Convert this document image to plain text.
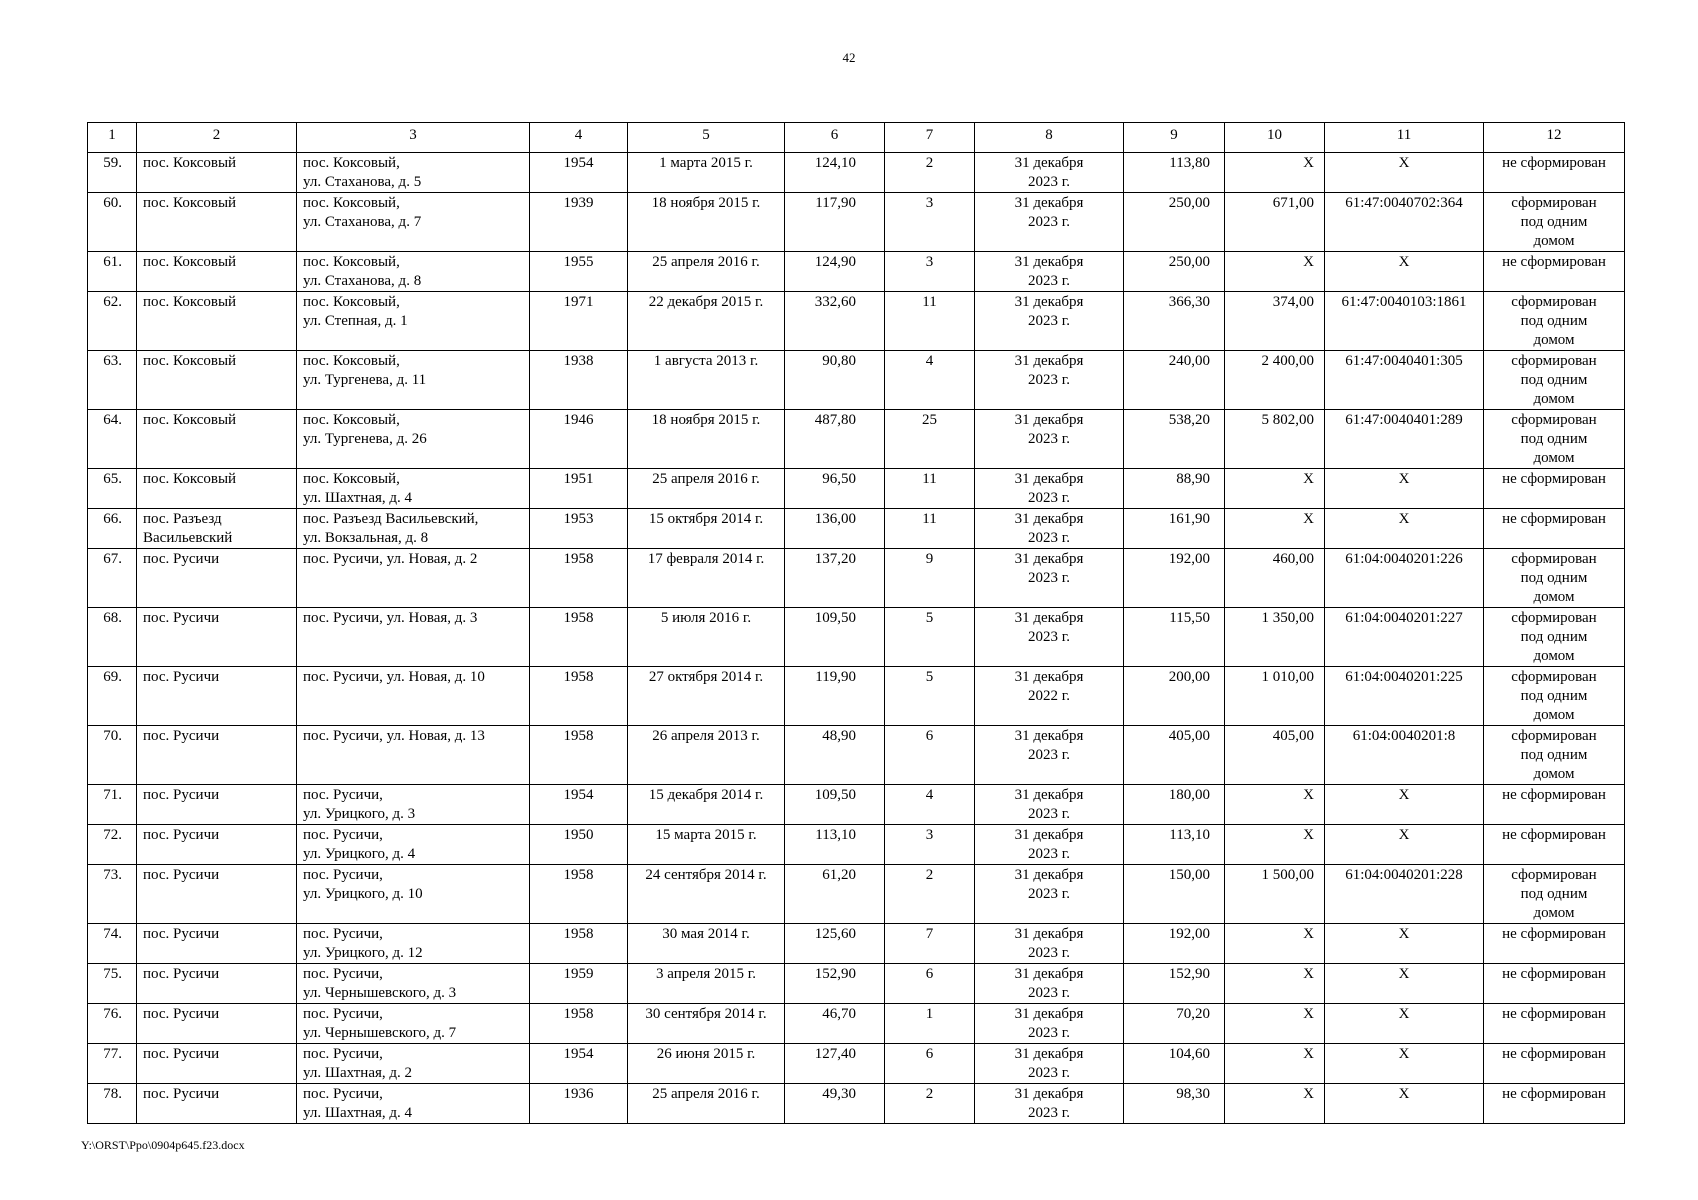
42
1	2	3	4	5	6	7	8	9	10	11	12
59.	пос. Коксовый	пос. Коксовый,
ул. Стаханова, д. 5	1954	1 марта 2015 г.	124,10	2	31 декабря
2023 г.	113,80	X	X	не сформирован

60.	пос. Коксовый	пос. Коксовый,
ул. Стаханова, д. 7	1939	18 ноября 2015 г.	117,90	3	31 декабря
2023 г.	250,00	671,00	61:47:0040702:364	сформирован
под одним
домом

61.	пос. Коксовый	пос. Коксовый,
ул. Стаханова, д. 8	1955	25 апреля 2016 г.	124,90	3	31 декабря
2023 г.	250,00	X	X	не сформирован

62.	пос. Коксовый	пос. Коксовый,
ул. Степная, д. 1	1971	22 декабря 2015 г.	332,60	11	31 декабря
2023 г.	366,30	374,00	61:47:0040103:1861	сформирован
под одним
домом

63.	пос. Коксовый	пос. Коксовый,
ул. Тургенева, д. 11	1938	1 августа 2013 г.	90,80	4	31 декабря
2023 г.	240,00	2 400,00	61:47:0040401:305	сформирован
под одним
домом

64.	пос. Коксовый	пос. Коксовый,
ул. Тургенева, д. 26	1946	18 ноября 2015 г.	487,80	25	31 декабря
2023 г.	538,20	5 802,00	61:47:0040401:289	сформирован
под одним
домом

65.	пос. Коксовый	пос. Коксовый,
ул. Шахтная, д. 4	1951	25 апреля 2016 г.	96,50	11	31 декабря
2023 г.	88,90	X	X	не сформирован

66.	пос. Разъезд
Васильевский	пос. Разъезд Васильевский,
ул. Вокзальная, д. 8	1953	15 октября 2014 г.	136,00	11	31 декабря
2023 г.	161,90	X	X	не сформирован

67.	пос. Русичи	пос. Русичи, ул. Новая, д. 2	1958	17 февраля 2014 г.	137,20	9	31 декабря
2023 г.	192,00	460,00	61:04:0040201:226	сформирован
под одним
домом

68.	пос. Русичи	пос. Русичи, ул. Новая, д. 3	1958	5 июля 2016 г.	109,50	5	31 декабря
2023 г.	115,50	1 350,00	61:04:0040201:227	сформирован
под одним
домом

69.	пос. Русичи	пос. Русичи, ул. Новая, д. 10	1958	27 октября 2014 г.	119,90	5	31 декабря
2022 г.	200,00	1 010,00	61:04:0040201:225	сформирован
под одним
домом

70.	пос. Русичи	пос. Русичи, ул. Новая, д. 13	1958	26 апреля 2013 г.	48,90	6	31 декабря
2023 г.	405,00	405,00	61:04:0040201:8	сформирован
под одним
домом

71.	пос. Русичи	пос. Русичи,
ул. Урицкого, д. 3	1954	15 декабря 2014 г.	109,50	4	31 декабря
2023 г.	180,00	X	X	не сформирован

72.	пос. Русичи	пос. Русичи,
ул. Урицкого, д. 4	1950	15 марта 2015 г.	113,10	3	31 декабря
2023 г.	113,10	X	X	не сформирован

73.	пос. Русичи	пос. Русичи,
ул. Урицкого, д. 10	1958	24 сентября 2014 г.	61,20	2	31 декабря
2023 г.	150,00	1 500,00	61:04:0040201:228	сформирован
под одним
домом

74.	пос. Русичи	пос. Русичи,
ул. Урицкого, д. 12	1958	30 мая 2014 г.	125,60	7	31 декабря
2023 г.	192,00	X	X	не сформирован

75.	пос. Русичи	пос. Русичи,
ул. Чернышевского, д. 3	1959	3 апреля 2015 г.	152,90	6	31 декабря
2023 г.	152,90	X	X	не сформирован

76.	пос. Русичи	пос. Русичи,
ул. Чернышевского, д. 7	1958	30 сентября 2014 г.	46,70	1	31 декабря
2023 г.	70,20	X	X	не сформирован

77.	пос. Русичи	пос. Русичи,
ул. Шахтная, д. 2	1954	26 июня 2015 г.	127,40	6	31 декабря
2023 г.	104,60	X	X	не сформирован

78.	пос. Русичи	пос. Русичи,
ул. Шахтная, д. 4	1936	25 апреля 2016 г.	49,30	2	31 декабря
2023 г.	98,30	X	X	не сформирован
Y:\ORST\Ppo\0904p645.f23.docx
